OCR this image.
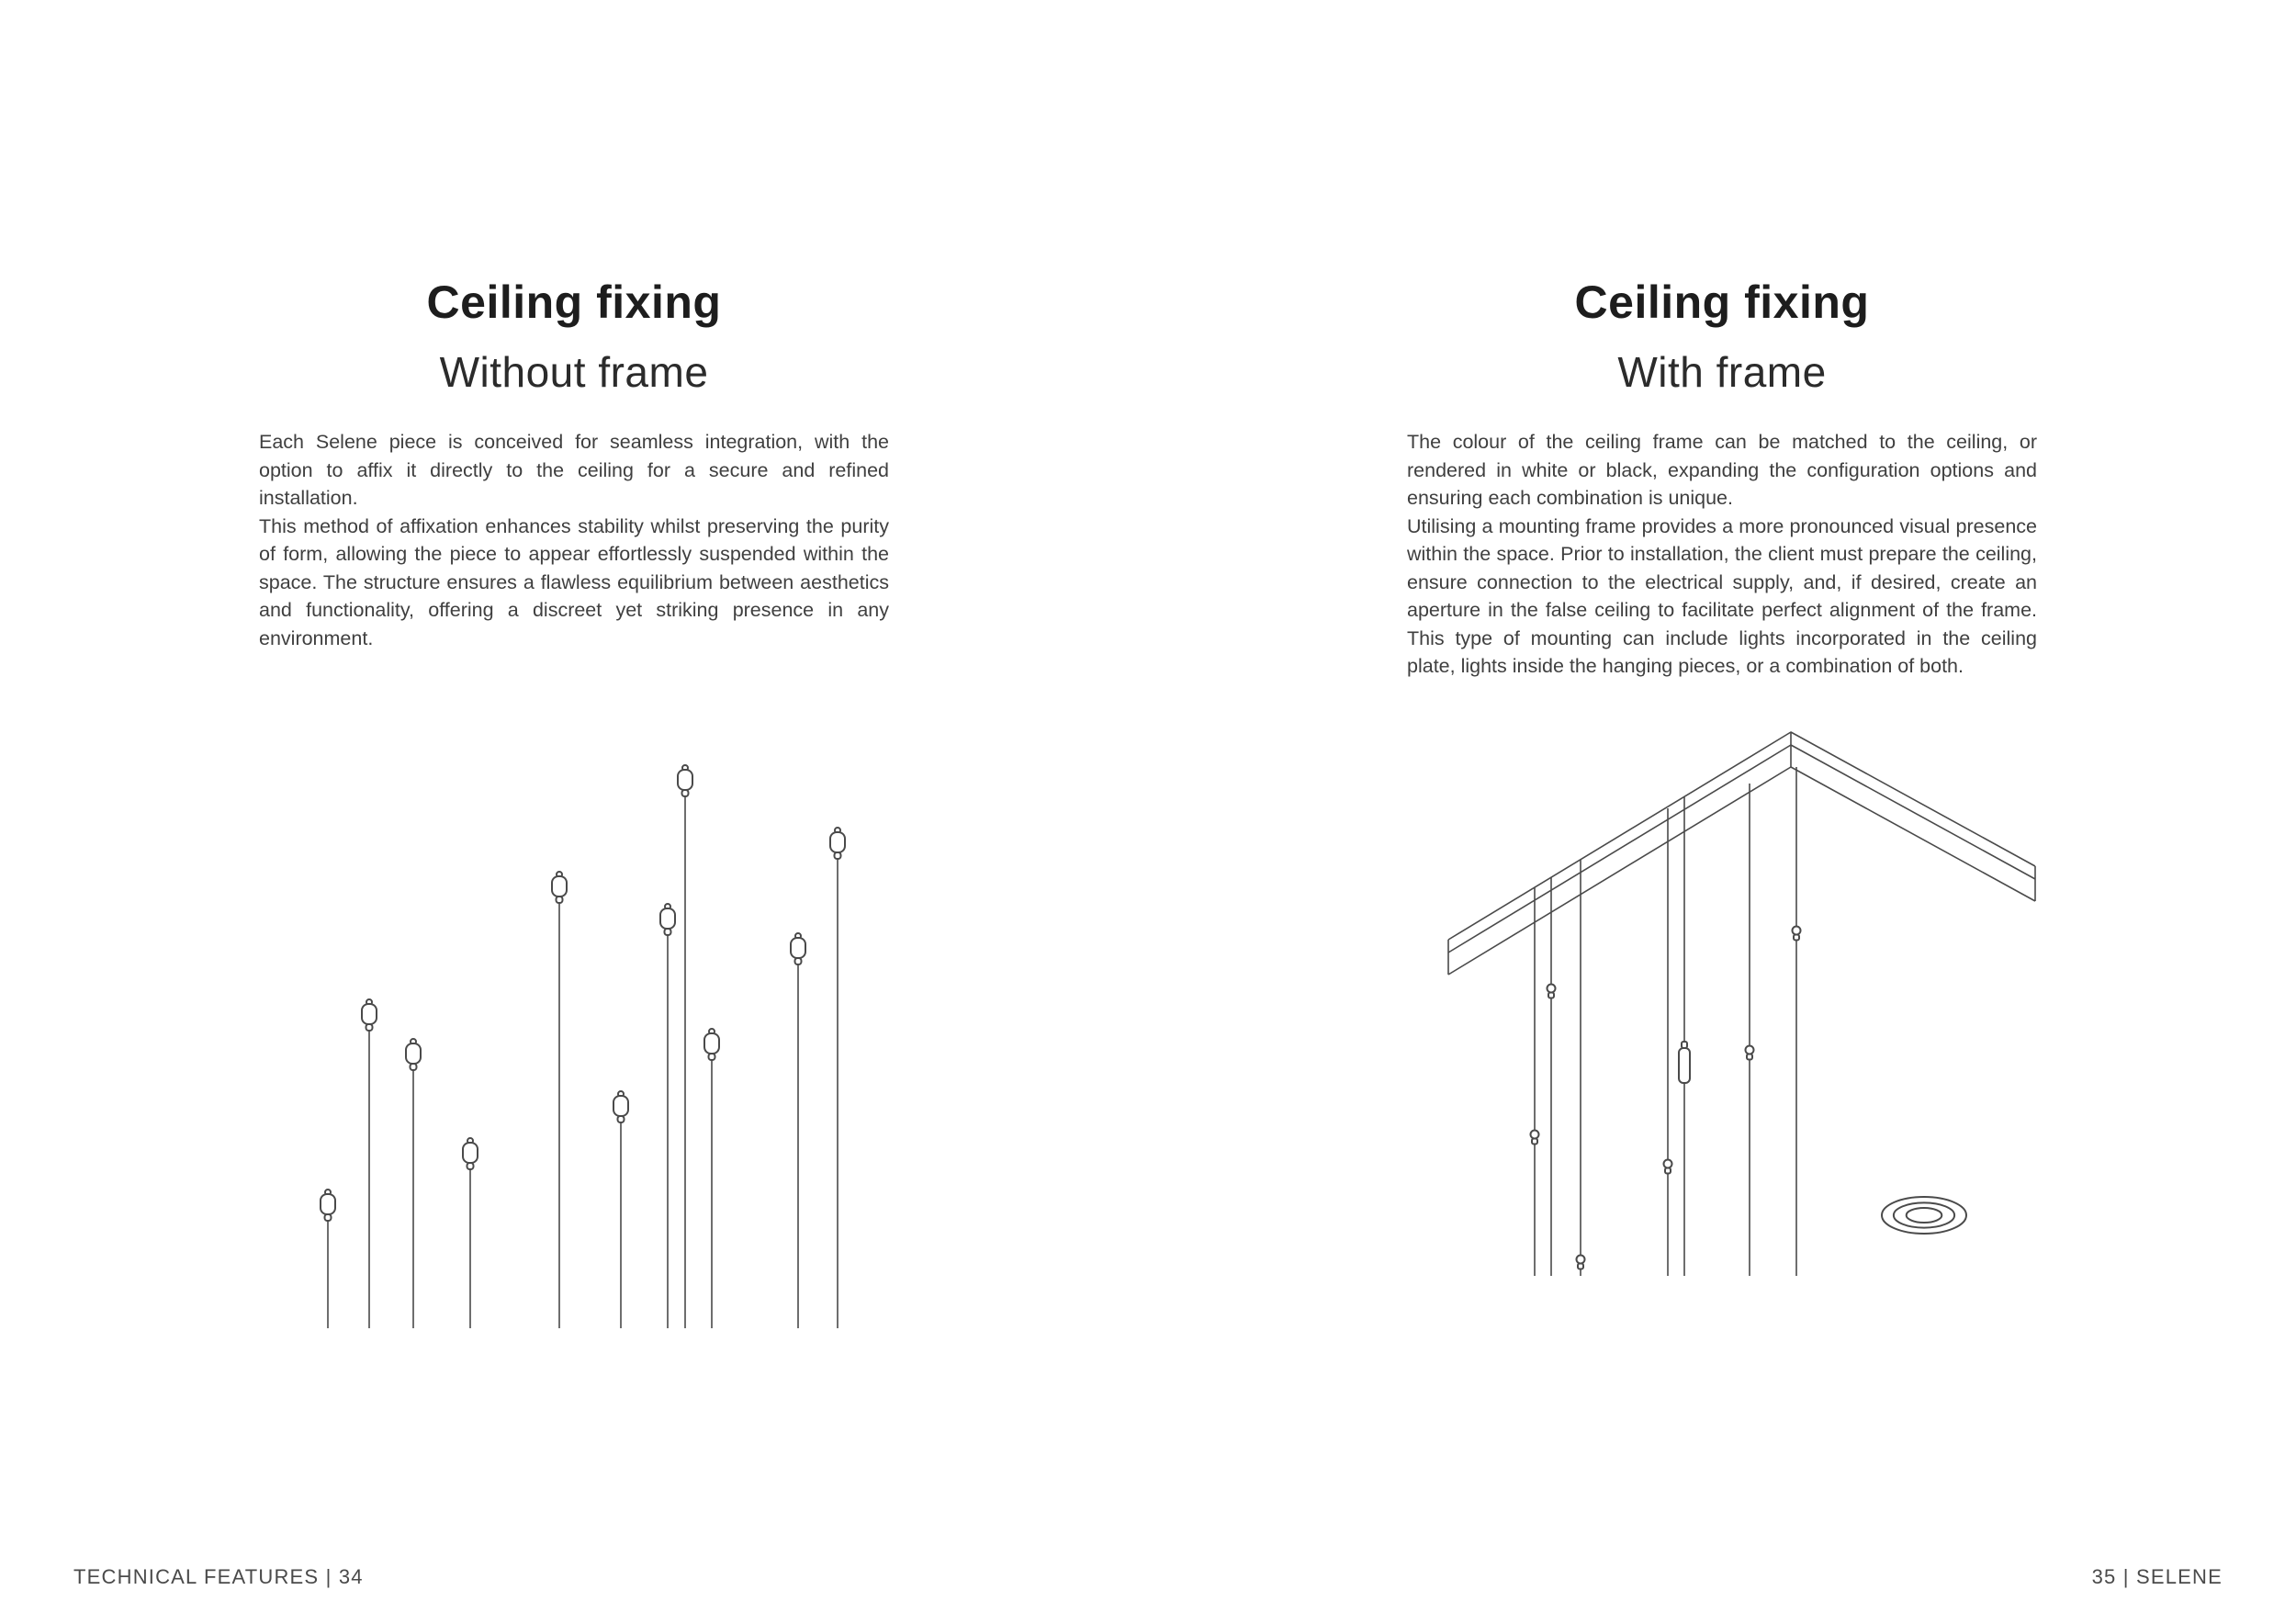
Ceiling fixing
Without frame

Each Selene piece is conceived for seamless integration, with the option to affix it directly to the ceiling for a secure and refined installation.

This method of affixation enhances stability whilst preserving the purity of form, allowing the piece to appear effortlessly suspended within the space. The structure ensures a flawless equilibrium between aesthetics and functionality, offering a discreet yet striking presence in any environment.

Ceiling fixing
With frame

The colour of the ceiling frame can be matched to the ceiling, or rendered in white or black, expanding the configuration options and ensuring each combination is unique.

Utilising a mounting frame provides a more pronounced visual presence within the space. Prior to installation, the client must prepare the ceiling, ensure connection to the electrical supply, and, if desired, create an aperture in the false ceiling to facilitate perfect alignment of the frame. This type of mounting can include lights incorporated in the ceiling plate, lights inside the hanging pieces, or a combination of both.

TECHNICAL FEATURES | 34	35 | SELENE
